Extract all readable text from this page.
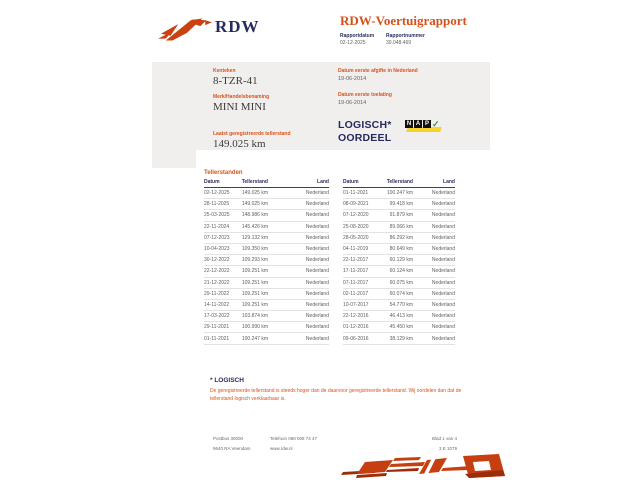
RDW	RDW-Voertuigrapport
Rapportdatum
02-12-2025
Rapportnummer
30.048.469
Kenteken
8-TZR-41
Merk/Handelsbenaming
MINI MINI
Laatst geregistreerde tellerstand
149.025 km
Datum eerste afgifte in Nederland
19-06-2014
Datum eerste toelating
19-06-2014
LOGISCH*
OORDEEL
N A P ✓
Tellerstanden
Datum	Tellerstand	Land
02-12-2025	149.025 km	Nederland
28-11-2025	149.025 km	Nederland
25-03-2025	148.986 km	Nederland
22-11-2024	145.426 km	Nederland
07-12-2023	129.132 km	Nederland
10-04-2023	109.350 km	Nederland
30-12-2022	109.293 km	Nederland
22-12-2022	109.251 km	Nederland
21-12-2022	109.251 km	Nederland
29-11-2022	109.251 km	Nederland
14-11-2022	109.251 km	Nederland
17-03-2022	103.874 km	Nederland
29-11-2021	100.990 km	Nederland
01-11-2021	100.247 km	Nederland
Datum	Tellerstand	Land
01-11-2021	100.247 km	Nederland
08-09-2021	99.418 km	Nederland
07-12-2020	91.879 km	Nederland
25-08-2020	89.066 km	Nederland
28-05-2020	86.292 km	Nederland
04-11-2019	80.649 km	Nederland
22-11-2017	60.129 km	Nederland
17-11-2017	60.124 km	Nederland
07-11-2017	60.075 km	Nederland
02-11-2017	60.074 km	Nederland
10-07-2017	54.770 km	Nederland
22-12-2016	46.413 km	Nederland
01-12-2016	45.450 km	Nederland
09-06-2016	38.129 km	Nederland
* LOGISCH
De geregistreerde tellerstand is steeds hoger dan de daarvoor geregistreerde tellerstand. Wij oordelen dan dat de tellerstand logisch verklaarbaar is.
Postbus 30000
9640 RA Veendam
Telefoon 088 008 74 47
www.rdw.nl
Blad 1 van 4
3 E 1079
